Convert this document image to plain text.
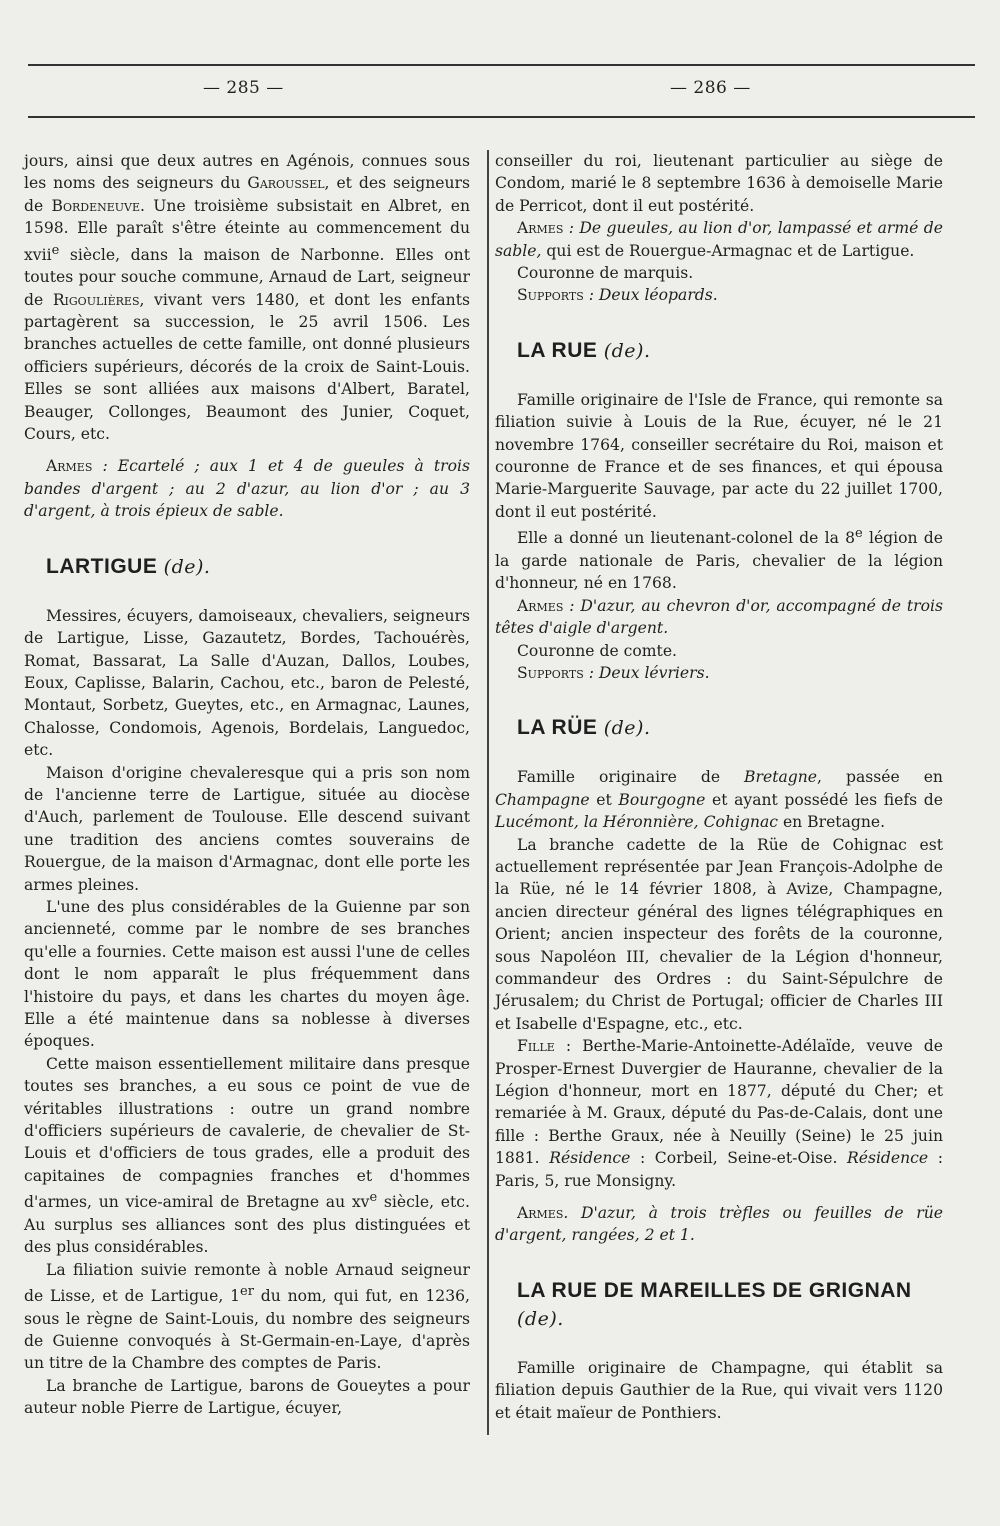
— 285 —	— 286 —

jours, ainsi que deux autres en Agénois, connues sous les noms des seigneurs du Garoussel, et des seigneurs de Bordeneuve. Une troisième subsistait en Albret, en 1598. Elle paraît s'être éteinte au commencement du xvii$^e$ siècle, dans la maison de Narbonne. Elles ont toutes pour souche commune, Arnaud de Lart, seigneur de Rigoulières, vivant vers 1480, et dont les enfants partagèrent sa succession, le 25 avril 1506. Les branches actuelles de cette famille, ont donné plusieurs officiers supérieurs, décorés de la croix de Saint-Louis. Elles se sont alliées aux maisons d'Albert, Baratel, Beauger, Collonges, Beaumont des Junier, Coquet, Cours, etc.

Armes : Ecartelé ; aux 1 et 4 de gueules à trois bandes d'argent ; au 2 d'azur, au lion d'or ; au 3 d'argent, à trois épieux de sable.

LARTIGUE (de).

Messires, écuyers, damoiseaux, chevaliers, seigneurs de Lartigue, Lisse, Gazautetz, Bordes, Tachouérès, Romat, Bassarat, La Salle d'Auzan, Dallos, Loubes, Eoux, Caplisse, Balarin, Cachou, etc., baron de Pelesté, Montaut, Sorbetz, Gueytes, etc., en Armagnac, Launes, Chalosse, Condomois, Agenois, Bordelais, Languedoc, etc.

Maison d'origine chevaleresque qui a pris son nom de l'ancienne terre de Lartigue, située au diocèse d'Auch, parlement de Toulouse. Elle descend suivant une tradition des anciens comtes souverains de Rouergue, de la maison d'Armagnac, dont elle porte les armes pleines.

L'une des plus considérables de la Guienne par son ancienneté, comme par le nombre de ses branches qu'elle a fournies. Cette maison est aussi l'une de celles dont le nom apparaît le plus fréquemment dans l'histoire du pays, et dans les chartes du moyen âge. Elle a été maintenue dans sa noblesse à diverses époques.

Cette maison essentiellement militaire dans presque toutes ses branches, a eu sous ce point de vue de véritables illustrations : outre un grand nombre d'officiers supérieurs de cavalerie, de chevalier de St-Louis et d'officiers de tous grades, elle a produit des capitaines de compagnies franches et d'hommes d'armes, un vice-amiral de Bretagne au $xv^e$ siècle, etc. Au surplus ses alliances sont des plus distinguées et des plus considérables.

La filiation suivie remonte à noble Arnaud seigneur de Lisse, et de Lartigue, 1er du nom, qui fut, en 1236, sous le règne de Saint-Louis, du nombre des seigneurs de Guienne convoqués à St-Germain-en-Laye, d'après un titre de la Chambre des comptes de Paris.

La branche de Lartigue, barons de Goueytes a pour auteur noble Pierre de Lartigue, écuyer,

conseiller du roi, lieutenant particulier au siège de Condom, marié le 8 septembre 1636 à demoiselle Marie de Perricot, dont il eut postérité.

Armes : De gueules, au lion d'or, lampassé et armé de sable, qui est de Rouergue-Armagnac et de Lartigue.

Couronne de marquis.

Supports : Deux léopards.

LA RUE (de).

Famille originaire de l'Isle de France, qui remonte sa filiation suivie à Louis de la Rue, écuyer, né le 21 novembre 1764, conseiller secrétaire du Roi, maison et couronne de France et de ses finances, et qui épousa Marie-Marguerite Sauvage, par acte du 22 juillet 1700, dont il eut postérité.

Elle a donné un lieutenant-colonel de la 8e légion de la garde nationale de Paris, chevalier de la légion d'honneur, né en 1768.

Armes : D'azur, au chevron d'or, accompagné de trois têtes d'aigle d'argent.

Couronne de comte.

Supports : Deux lévriers.

LA RÜE (de).

Famille originaire de Bretagne, passée en Champagne et Bourgogne et ayant possédé les fiefs de Lucémont, la Héronnière, Cohignac en Bretagne.

La branche cadette de la Rüe de Cohignac est actuellement représentée par Jean François-Adolphe de la Rüe, né le 14 février 1808, à Avize, Champagne, ancien directeur général des lignes télégraphiques en Orient; ancien inspecteur des forêts de la couronne, sous Napoléon III, chevalier de la Légion d'honneur, commandeur des Ordres : du Saint-Sépulchre de Jérusalem; du Christ de Portugal; officier de Charles III et Isabelle d'Espagne, etc., etc.

Fille : Berthe-Marie-Antoinette-Adélaïde, veuve de Prosper-Ernest Duvergier de Hauranne, chevalier de la Légion d'honneur, mort en 1877, député du Cher; et remariée à M. Graux, député du Pas-de-Calais, dont une fille : Berthe Graux, née à Neuilly (Seine) le 25 juin 1881. Résidence : Corbeil, Seine-et-Oise. Résidence : Paris, 5, rue Monsigny.

Armes. D'azur, à trois trèfles ou feuilles de rüe d'argent, rangées, 2 et 1.

LA RUE DE MAREILLES DE GRIGNAN (de).

Famille originaire de Champagne, qui établit sa filiation depuis Gauthier de la Rue, qui vivait vers 1120 et était maïeur de Ponthiers.
